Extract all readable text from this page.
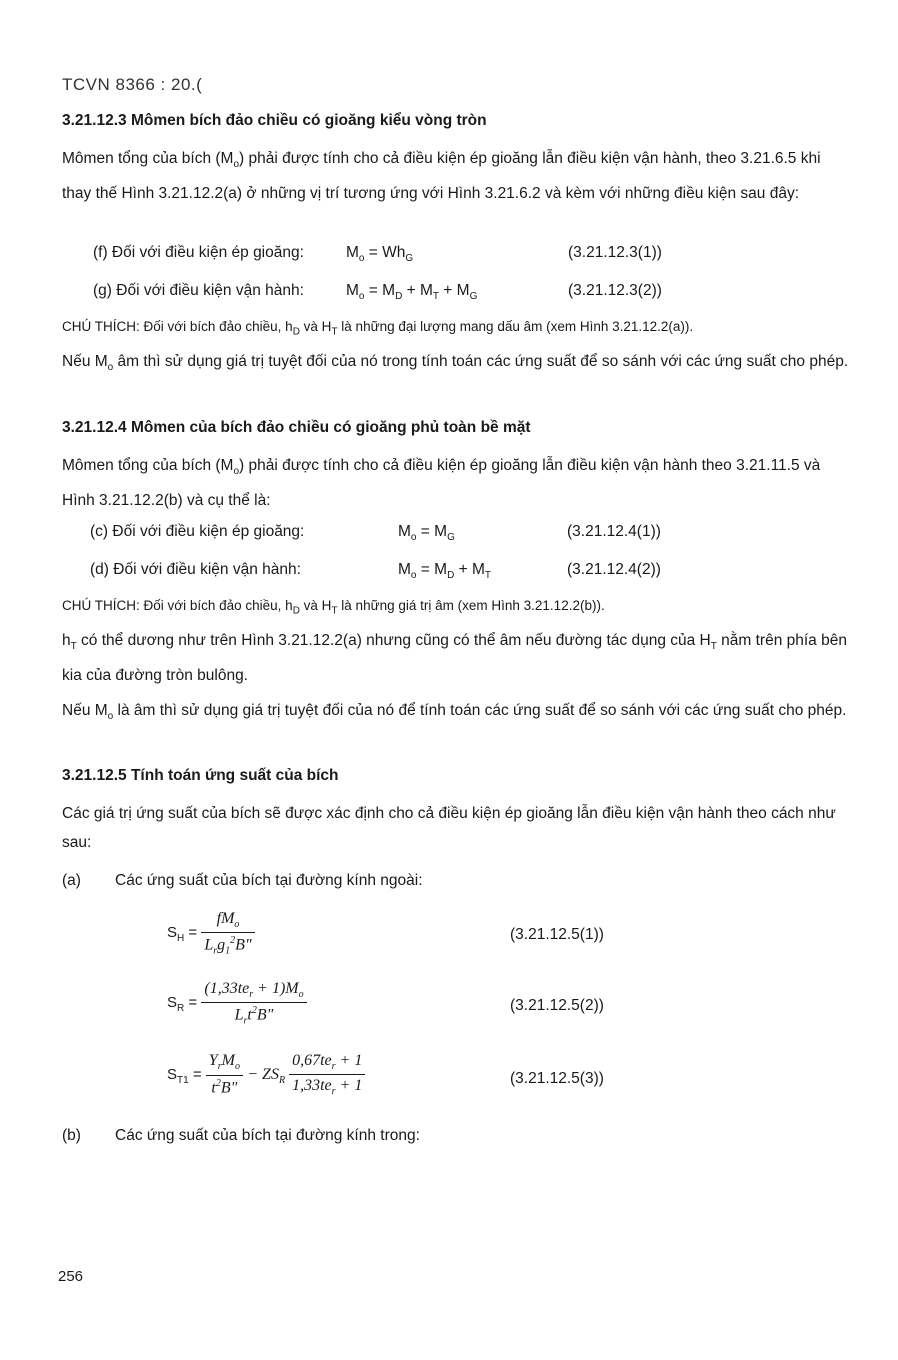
TCVN 8366 : 20.(
3.21.12.3 Mômen bích đảo chiều có gioăng kiểu vòng tròn
Mômen tổng của bích $(M_o)$ phải được tính cho cả điều kiện ép gioăng lẫn điều kiện vận hành, theo 3.21.6.5 khi thay thế Hình 3.21.12.2(a) ở những vị trí tương ứng với Hình 3.21.6.2 và kèm với những điều kiện sau đây:
(f) Đối với điều kiện ép gioăng:	$M_o = Wh_G$	(3.21.12.3(1))
(g) Đối với điều kiện vận hành:	$M_o = M_D + M_T + M_G$	(3.21.12.3(2))
CHÚ THÍCH: Đối với bích đảo chiều, $h_D$ và $H_T$ là những đại lượng mang dấu âm (xem Hình 3.21.12.2(a)).
Nếu $M_o$ âm thì sử dụng giá trị tuyệt đối của nó trong tính toán các ứng suất để so sánh với các ứng suất cho phép.
3.21.12.4 Mômen của bích đảo chiều có gioăng phủ toàn bề mặt
Mômen tổng của bích $(M_o)$ phải được tính cho cả điều kiện ép gioăng lẫn điều kiện vận hành theo 3.21.11.5 và Hình 3.21.12.2(b) và cụ thể là:
(c) Đối với điều kiện ép gioăng:	$M_o = M_G$	(3.21.12.4(1))
(d) Đối với điều kiện vận hành:	$M_o = M_D + M_T$	(3.21.12.4(2))
CHÚ THÍCH: Đối với bích đảo chiều, $h_D$ và $H_T$ là những giá trị âm (xem Hình 3.21.12.2(b)).
$h_T$ có thể dương như trên Hình 3.21.12.2(a) nhưng cũng có thể âm nếu đường tác dụng của $H_T$ nằm trên phía bên kia của đường tròn bulông.
Nếu $M_o$ là âm thì sử dụng giá trị tuyệt đối của nó để tính toán các ứng suất để so sánh với các ứng suất cho phép.
3.21.12.5 Tính toán ứng suất của bích
Các giá trị ứng suất của bích sẽ được xác định cho cả điều kiện ép gioăng lẫn điều kiện vận hành theo cách như sau:
(a) Các ứng suất của bích tại đường kính ngoài:
$S_H = \frac{fM_o}{L_rg_1^2B"}$	(3.21.12.5(1))
$S_R = \frac{(1,33te_r + 1)M_o}{L_rt^2B"}$	(3.21.12.5(2))
$S_{T1} = \frac{Y_rM_o}{t^2B"} - ZS_R \frac{0,67te_r + 1}{1,33te_r + 1}$	(3.21.12.5(3))
(b) Các ứng suất của bích tại đường kính trong:
256
